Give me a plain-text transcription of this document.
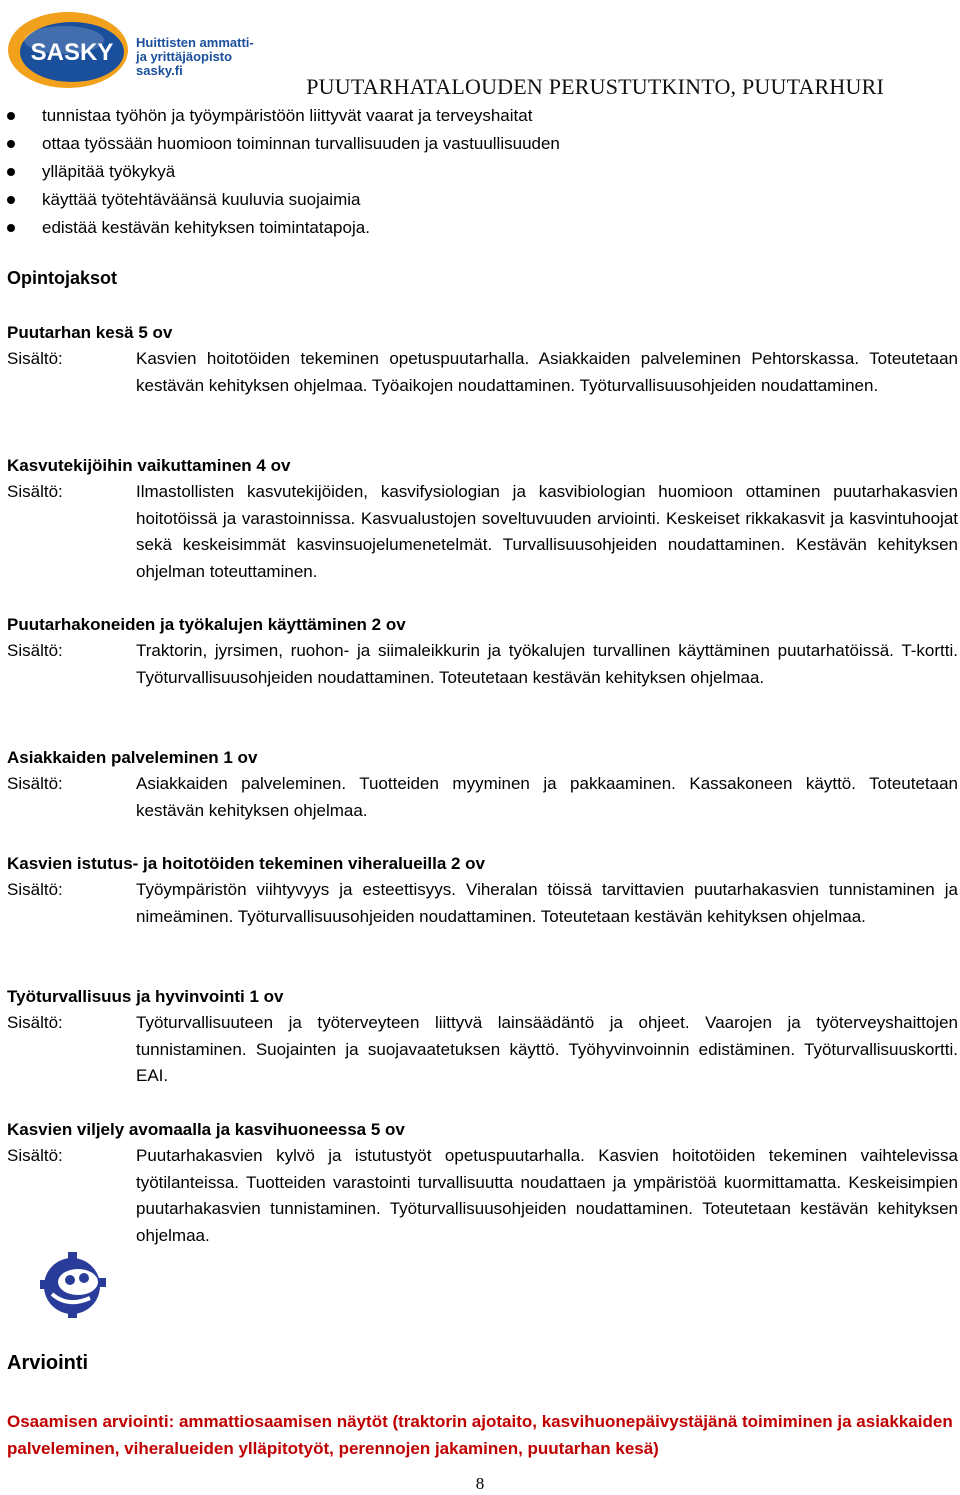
SASKY Huittisten ammatti-
ja yrittäjäopisto
sasky.fi
PUUTARHATALOUDEN PERUSTUTKINTO, PUUTARHURI
tunnistaa työhön ja työympäristöön liittyvät vaarat ja terveyshaitat
ottaa työssään huomioon toiminnan turvallisuuden ja vastuullisuuden
ylläpitää työkykyä
käyttää työtehtäväänsä kuuluvia suojaimia
edistää kestävän kehityksen toimintatapoja.
Opintojaksot
Puutarhan kesä 5 ov
Sisältö:	Kasvien hoitotöiden tekeminen opetuspuutarhalla. Asiakkaiden palveleminen Pehtorskassa. Toteutetaan kestävän kehityksen ohjelmaa. Työaikojen noudattaminen. Työturvallisuusohjeiden noudattaminen.
Kasvutekijöihin vaikuttaminen 4 ov
Sisältö:	Ilmastollisten kasvutekijöiden, kasvifysiologian ja kasvibiologian huomioon ottaminen puutarhakasvien hoitotöissä ja varastoinnissa. Kasvualustojen soveltuvuuden arviointi. Keskeiset rikkakasvit ja kasvintuhoojat sekä keskeisimmät kasvinsuojelumenetelmät. Turvallisuusohjeiden noudattaminen. Kestävän kehityksen ohjelman toteuttaminen.
Puutarhakoneiden ja työkalujen käyttäminen 2 ov
Sisältö:	Traktorin, jyrsimen, ruohon- ja siimaleikkurin ja työkalujen turvallinen käyttäminen puutarhatöissä. T-kortti. Työturvallisuusohjeiden noudattaminen. Toteutetaan kestävän kehityksen ohjelmaa.
Asiakkaiden palveleminen 1 ov
Sisältö:	Asiakkaiden palveleminen. Tuotteiden myyminen ja pakkaaminen. Kassakoneen käyttö. Toteutetaan kestävän kehityksen ohjelmaa.
Kasvien istutus- ja hoitotöiden tekeminen viheralueilla 2 ov
Sisältö:	Työympäristön viihtyvyys ja esteettisyys. Viheralan töissä tarvittavien puutarhakasvien tunnistaminen ja nimeäminen. Työturvallisuusohjeiden noudattaminen. Toteutetaan kestävän kehityksen ohjelmaa.
Työturvallisuus ja hyvinvointi 1 ov
Sisältö:	Työturvallisuuteen ja työterveyteen liittyvä lainsäädäntö ja ohjeet. Vaarojen ja työterveyshaittojen tunnistaminen. Suojainten ja suojavaatetuksen käyttö. Työhyvinvoinnin edistäminen. Työturvallisuuskortti. EAI.
Kasvien viljely avomaalla ja kasvihuoneessa 5 ov
Sisältö:	Puutarhakasvien kylvö ja istutustyöt opetuspuutarhalla. Kasvien hoitotöiden tekeminen vaihtelevissa työtilanteissa. Tuotteiden varastointi turvallisuutta noudattaen ja ympäristöä kuormittamatta. Keskeisimpien puutarhakasvien tunnistaminen. Työturvallisuusohjeiden noudattaminen. Toteutetaan kestävän kehityksen ohjelmaa.
Arviointi
Osaamisen arviointi: ammattiosaamisen näytöt (traktorin ajotaito, kasvihuonepäivystäjänä toimiminen ja asiakkaiden palveleminen, viheralueiden ylläpitotyöt, perennojen jakaminen, puutarhan kesä)
8
